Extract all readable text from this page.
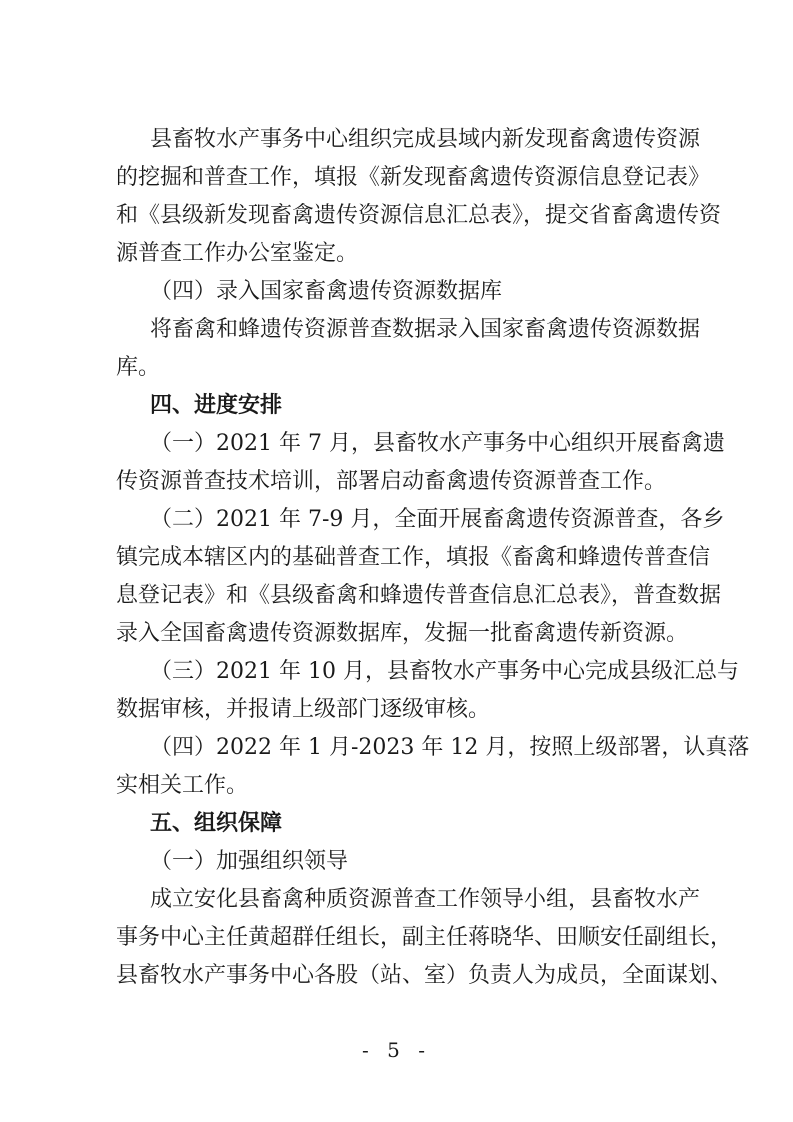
县畜牧水产事务中心组织完成县域内新发现畜禽遗传资源
的挖掘和普查工作，填报《新发现畜禽遗传资源信息登记表》
和《县级新发现畜禽遗传资源信息汇总表》，提交省畜禽遗传资
源普查工作办公室鉴定。
（四）录入国家畜禽遗传资源数据库
将畜禽和蜂遗传资源普查数据录入国家畜禽遗传资源数据
库。
四、进度安排
（一）2021 年 7 月，县畜牧水产事务中心组织开展畜禽遗
传资源普查技术培训，部署启动畜禽遗传资源普查工作。
（二）2021 年 7-9 月，全面开展畜禽遗传资源普查，各乡
镇完成本辖区内的基础普查工作，填报《畜禽和蜂遗传普查信
息登记表》和《县级畜禽和蜂遗传普查信息汇总表》，普查数据
录入全国畜禽遗传资源数据库，发掘一批畜禽遗传新资源。
（三）2021 年 10 月，县畜牧水产事务中心完成县级汇总与
数据审核，并报请上级部门逐级审核。
（四）2022 年 1 月-2023 年 12 月，按照上级部署，认真落
实相关工作。
五、组织保障
（一）加强组织领导
成立安化县畜禽种质资源普查工作领导小组，县畜牧水产
事务中心主任黄超群任组长，副主任蒋晓华、田顺安任副组长，
县畜牧水产事务中心各股（站、室）负责人为成员，全面谋划、
- 5 -
